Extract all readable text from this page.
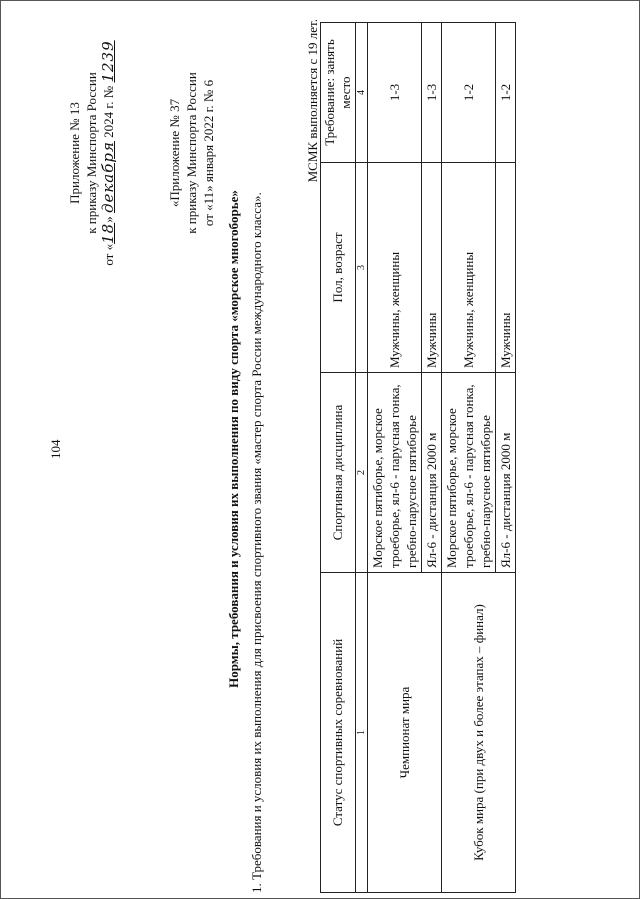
104
Приложение № 13 к приказу Минспорта России
от «18» декабря 2024 г. № 1239
«Приложение № 37 к приказу Минспорта России от «11» января 2022 г. № 6
Нормы, требования и условия их выполнения по виду спорта «морское многоборье» 1. Требования и условия их выполнения для присвоения спортивного звания «мастер спорта России международного класса».
МСМК выполняется с 19 лет.
Статус спортивных соревнований	Спортивная дисциплина	Пол, возраст	Требование: занять место
1	2	3	4
Чемпионат мира	Морское пятиборье, морское троеборье, ял-6 - парусная гонка, гребно-парусное пятиборье	Мужчины, женщины	1-3
	Ял-6 - дистанция 2000 м	Мужчины	1-3
Кубок мира (при двух и более этапах – финал)	Морское пятиборье, морское троеборье, ял-6 - парусная гонка, гребно-парусное пятиборье	Мужчины, женщины	1-2
	Ял-6 - дистанция 2000 м	Мужчины	1-2
